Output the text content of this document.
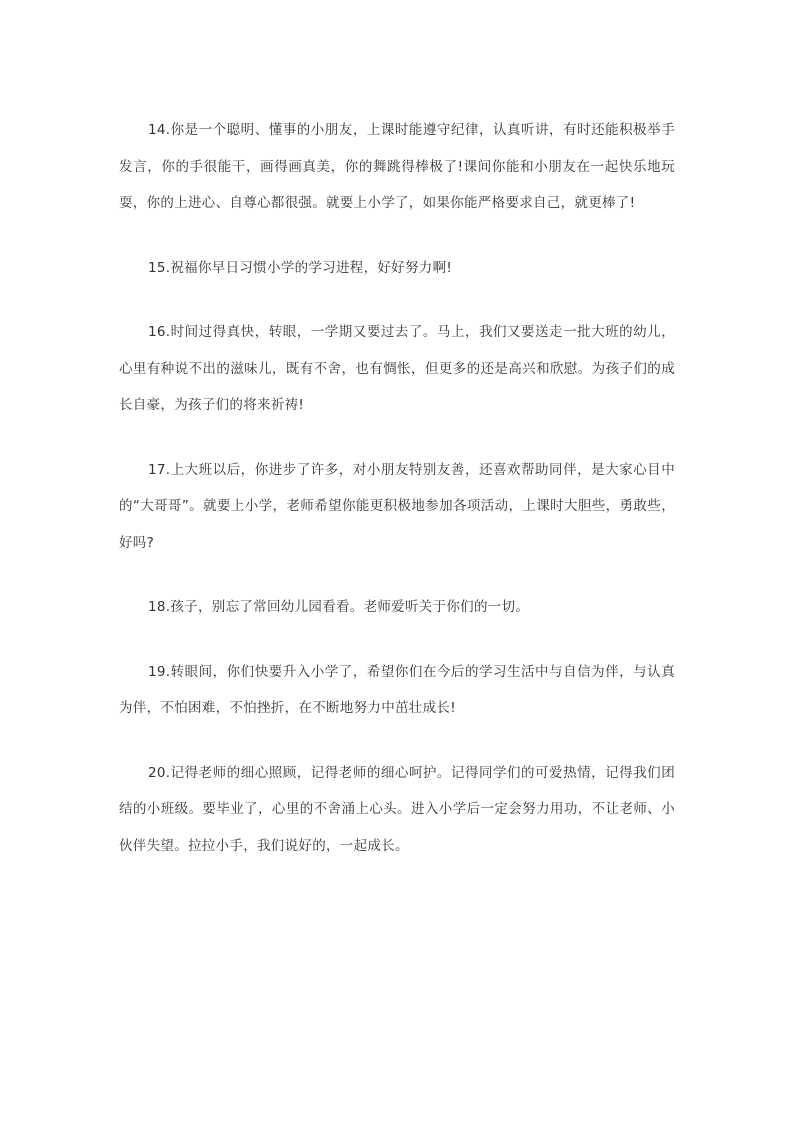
14.你是一个聪明、懂事的小朋友，上课时能遵守纪律，认真听讲，有时还能积极举手发言，你的手很能干，画得画真美，你的舞跳得棒极了!课间你能和小朋友在一起快乐地玩耍，你的上进心、自尊心都很强。就要上小学了，如果你能严格要求自己，就更棒了!

15.祝福你早日习惯小学的学习进程，好好努力啊!

16.时间过得真快，转眼，一学期又要过去了。马上，我们又要送走一批大班的幼儿，心里有种说不出的滋味儿，既有不舍，也有惆怅，但更多的还是高兴和欣慰。为孩子们的成长自豪，为孩子们的将来祈祷!

17.上大班以后，你进步了许多，对小朋友特别友善，还喜欢帮助同伴，是大家心目中的“大哥哥”。就要上小学，老师希望你能更积极地参加各项活动，上课时大胆些，勇敢些，好吗?

18.孩子，别忘了常回幼儿园看看。老师爱听关于你们的一切。

19.转眼间，你们快要升入小学了，希望你们在今后的学习生活中与自信为伴，与认真为伴，不怕困难，不怕挫折，在不断地努力中茁壮成长!

20.记得老师的细心照顾，记得老师的细心呵护。记得同学们的可爱热情，记得我们团结的小班级。要毕业了，心里的不舍涌上心头。进入小学后一定会努力用功，不让老师、小伙伴失望。拉拉小手，我们说好的，一起成长。
